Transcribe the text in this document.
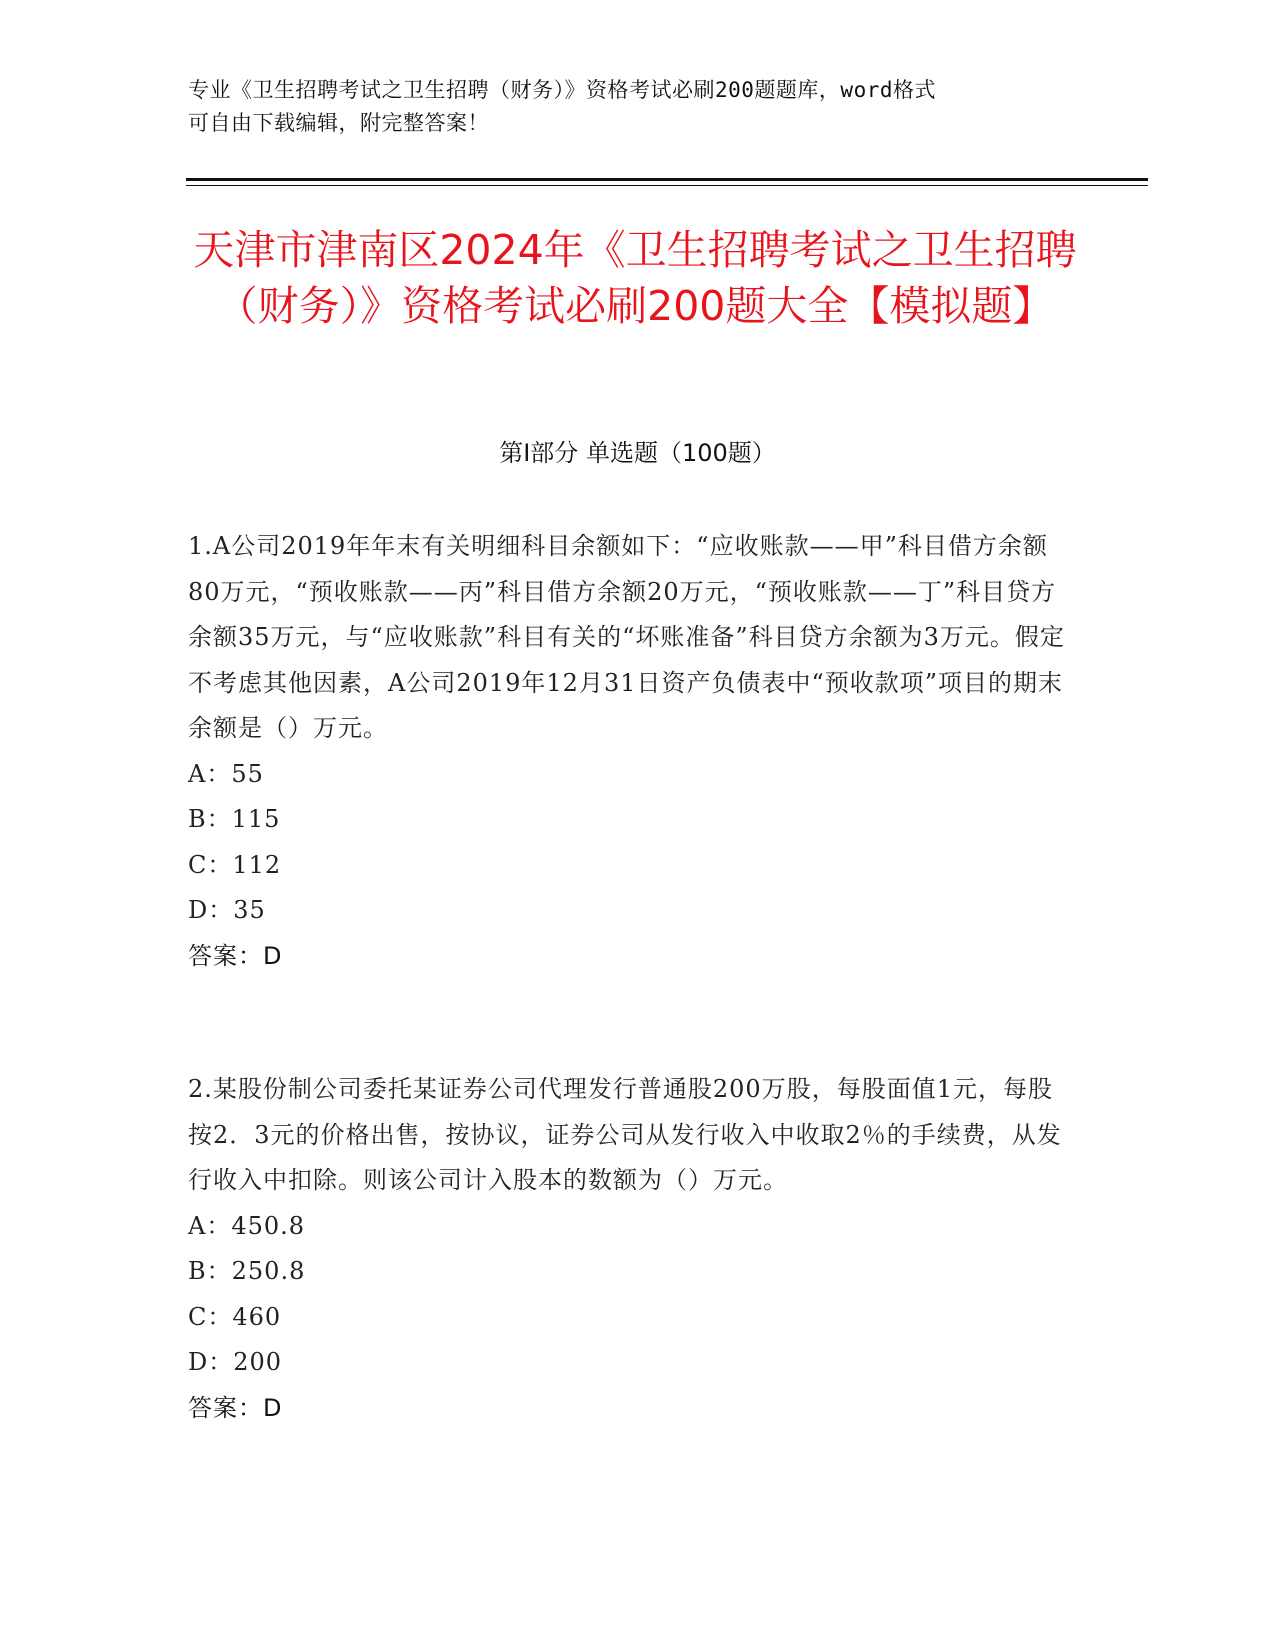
专业《卫生招聘考试之卫生招聘（财务）》资格考试必刷200题题库，word格式
可自由下载编辑，附完整答案！
天津市津南区2024年《卫生招聘考试之卫生招聘（财务）》资格考试必刷200题大全【模拟题】
第I部分 单选题（100题）

1.A公司2019年年末有关明细科目余额如下：“应收账款——甲”科目借方余额80万元，“预收账款——丙”科目借方余额20万元，“预收账款——丁”科目贷方余额35万元，与“应收账款”科目有关的“坏账准备”科目贷方余额为3万元。假定不考虑其他因素，A公司2019年12月31日资产负债表中“预收款项”项目的期末余额是（）万元。

A：55

B：115

C：112

D：35

答案：D

2.某股份制公司委托某证券公司代理发行普通股200万股，每股面值1元，每股按2．3元的价格出售，按协议，证券公司从发行收入中收取2％的手续费，从发行收入中扣除。则该公司计入股本的数额为（）万元。

A：450.8

B：250.8

C：460

D：200

答案：D
